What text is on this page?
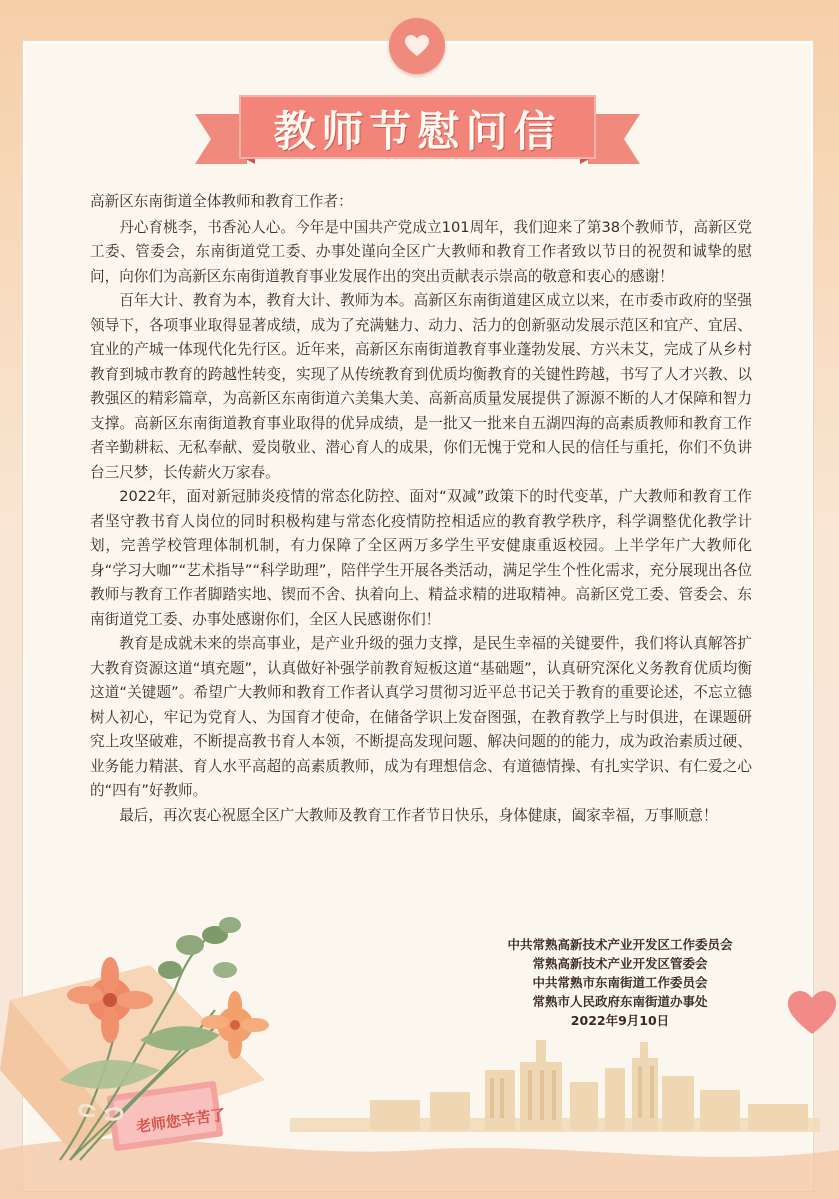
教师节慰问信

高新区东南街道全体教师和教育工作者：

丹心育桃李，书香沁人心。今年是中国共产党成立101周年，我们迎来了第38个教师节，高新区党工委、管委会，东南街道党工委、办事处谨向全区广大教师和教育工作者致以节日的祝贺和诚挚的慰问，向你们为高新区东南街道教育事业发展作出的突出贡献表示崇高的敬意和衷心的感谢！

百年大计、教育为本，教育大计、教师为本。高新区东南街道建区成立以来，在市委市政府的坚强领导下，各项事业取得显著成绩，成为了充满魅力、动力、活力的创新驱动发展示范区和宜产、宜居、宜业的产城一体现代化先行区。近年来，高新区东南街道教育事业蓬勃发展、方兴未艾，完成了从乡村教育到城市教育的跨越性转变，实现了从传统教育到优质均衡教育的关键性跨越，书写了人才兴教、以教强区的精彩篇章，为高新区东南街道六美集大美、高新高质量发展提供了源源不断的人才保障和智力支撑。高新区东南街道教育事业取得的优异成绩，是一批又一批来自五湖四海的高素质教师和教育工作者辛勤耕耘、无私奉献、爱岗敬业、潜心育人的成果，你们无愧于党和人民的信任与重托，你们不负讲台三尺梦，长传薪火万家春。

2022年，面对新冠肺炎疫情的常态化防控、面对“双减”政策下的时代变革，广大教师和教育工作者坚守教书育人岗位的同时积极构建与常态化疫情防控相适应的教育教学秩序，科学调整优化教学计划，完善学校管理体制机制，有力保障了全区两万多学生平安健康重返校园。上半学年广大教师化身“学习大咖”“艺术指导”“科学助理”，陪伴学生开展各类活动，满足学生个性化需求，充分展现出各位教师与教育工作者脚踏实地、锲而不舍、执着向上、精益求精的进取精神。高新区党工委、管委会、东南街道党工委、办事处感谢你们，全区人民感谢你们！

教育是成就未来的崇高事业，是产业升级的强力支撑，是民生幸福的关键要件，我们将认真解答扩大教育资源这道“填充题”，认真做好补强学前教育短板这道“基础题”，认真研究深化义务教育优质均衡这道“关键题”。希望广大教师和教育工作者认真学习贯彻习近平总书记关于教育的重要论述，不忘立德树人初心，牢记为党育人、为国育才使命，在储备学识上发奋图强，在教育教学上与时俱进，在课题研究上攻坚破难，不断提高教书育人本领，不断提高发现问题、解决问题的的能力，成为政治素质过硬、业务能力精湛、育人水平高超的高素质教师，成为有理想信念、有道德情操、有扎实学识、有仁爱之心的“四有”好教师。

最后，再次衷心祝愿全区广大教师及教育工作者节日快乐，身体健康，阖家幸福，万事顺意！

中共常熟高新技术产业开发区工作委员会
常熟高新技术产业开发区管委会
中共常熟市东南街道工作委员会
常熟市人民政府东南街道办事处
2022年9月10日
老师您辛苦了
